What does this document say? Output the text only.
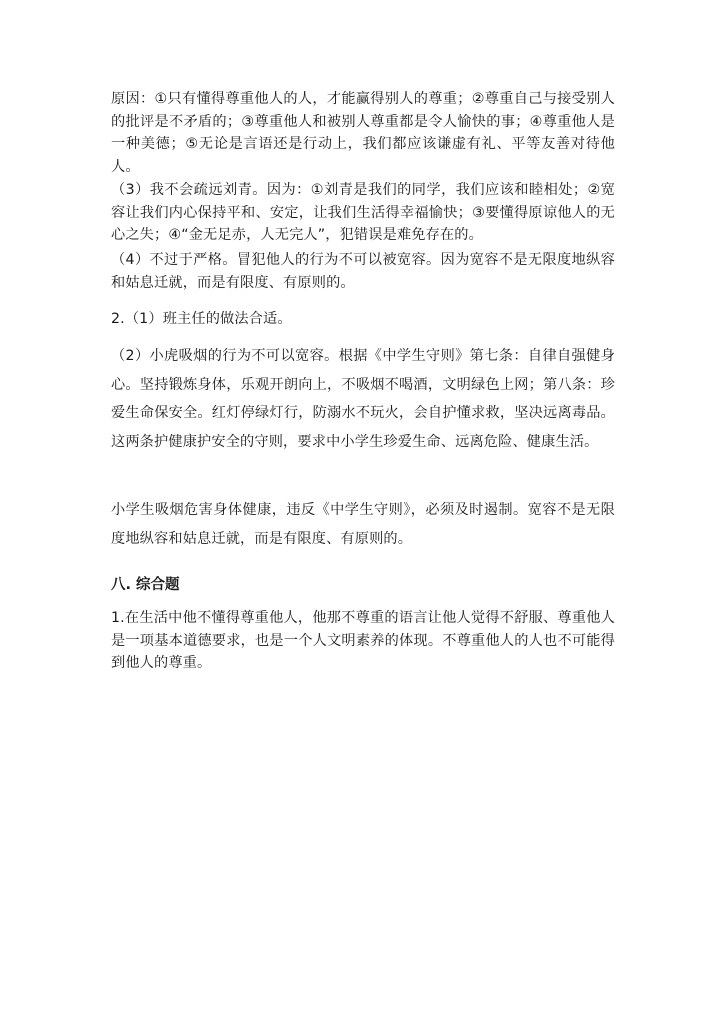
原因：①只有懂得尊重他人的人，才能赢得别人的尊重；②尊重自己与接受别人的批评是不矛盾的；③尊重他人和被别人尊重都是令人愉快的事；④尊重他人是一种美德；⑤无论是言语还是行动上，我们都应该谦虚有礼、平等友善对待他人。

（3）我不会疏远刘青。因为：①刘青是我们的同学，我们应该和睦相处；②宽容让我们内心保持平和、安定，让我们生活得幸福愉快；③要懂得原谅他人的无心之失；④“金无足赤，人无完人”，犯错误是难免存在的。

（4）不过于严格。冒犯他人的行为不可以被宽容。因为宽容不是无限度地纵容和姑息迁就，而是有限度、有原则的。

2.（1）班主任的做法合适。

（2）小虎吸烟的行为不可以宽容。根据《中学生守则》第七条：自律自强健身心。坚持锻炼身体，乐观开朗向上，不吸烟不喝酒，文明绿色上网；第八条：珍爱生命保安全。红灯停绿灯行，防溺水不玩火，会自护懂求救，坚决远离毒品。这两条护健康护安全的守则，要求中小学生珍爱生命、远离危险、健康生活。

小学生吸烟危害身体健康，违反《中学生守则》，必须及时遏制。宽容不是无限度地纵容和姑息迁就，而是有限度、有原则的。

八. 综合题

1.在生活中他不懂得尊重他人，他那不尊重的语言让他人觉得不舒服、尊重他人是一项基本道德要求，也是一个人文明素养的体现。不尊重他人的人也不可能得到他人的尊重。
